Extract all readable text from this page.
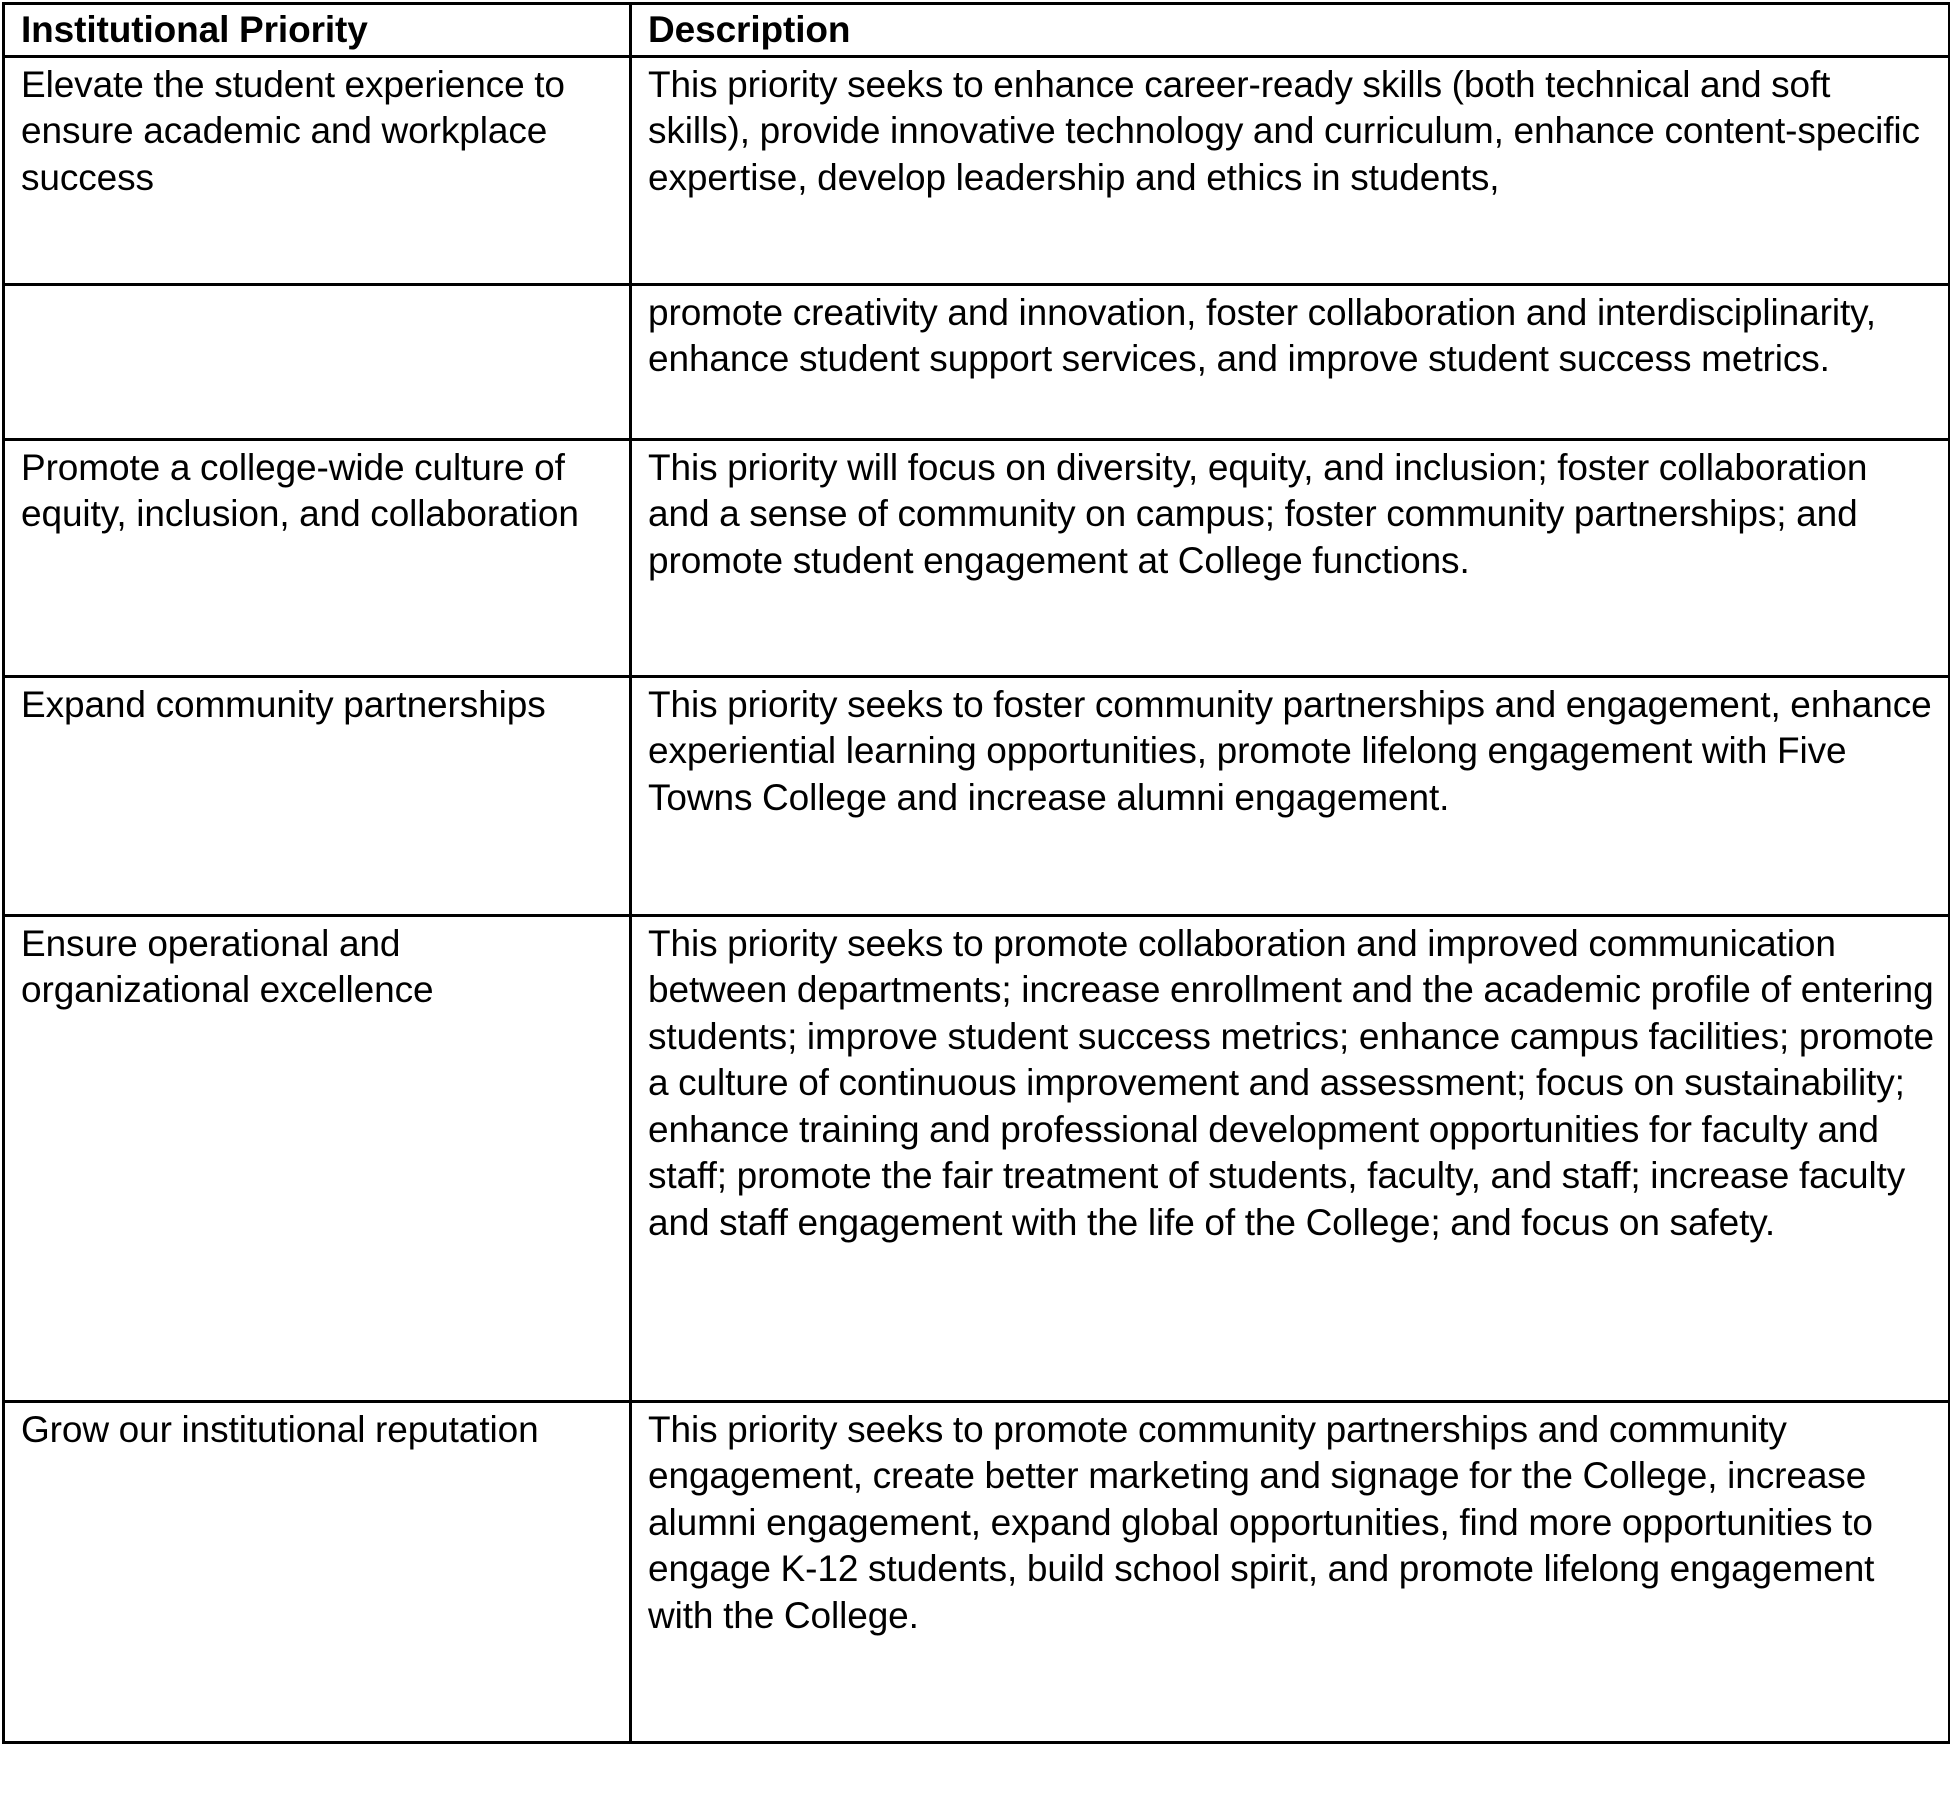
Institutional Priority	Description

Elevate the student experience to ensure academic and workplace success	This priority seeks to enhance career-ready skills (both technical and soft skills), provide innovative technology and curriculum, enhance content-specific expertise, develop leadership and ethics in students,

	promote creativity and innovation, foster collaboration and interdisciplinarity, enhance student support services, and improve student success metrics.

Promote a college-wide culture of equity, inclusion, and collaboration	This priority will focus on diversity, equity, and inclusion; foster collaboration and a sense of community on campus; foster community partnerships; and promote student engagement at College functions.

Expand community partnerships	This priority seeks to foster community partnerships and engagement, enhance experiential learning opportunities, promote lifelong engagement with Five Towns College and increase alumni engagement.

Ensure operational and organizational excellence	This priority seeks to promote collaboration and improved communication between departments; increase enrollment and the academic profile of entering students; improve student success metrics; enhance campus facilities; promote a culture of continuous improvement and assessment; focus on sustainability; enhance training and professional development opportunities for faculty and staff; promote the fair treatment of students, faculty, and staff; increase faculty and staff engagement with the life of the College; and focus on safety.

Grow our institutional reputation	This priority seeks to promote community partnerships and community engagement, create better marketing and signage for the College, increase alumni engagement, expand global opportunities, find more opportunities to engage K-12 students, build school spirit, and promote lifelong engagement with the College.
